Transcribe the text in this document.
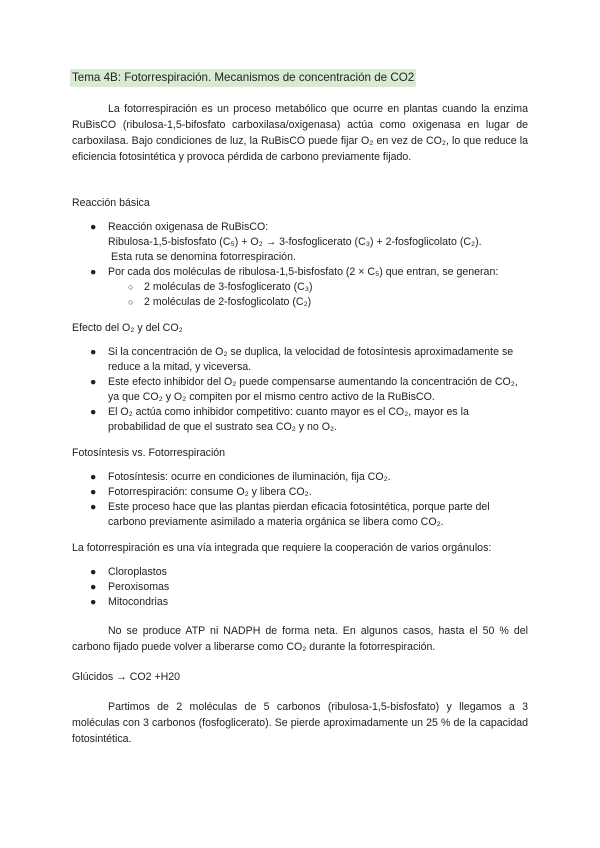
Tema 4B: Fotorrespiración. Mecanismos de concentración de CO2

La fotorrespiración es un proceso metabólico que ocurre en plantas cuando la enzima RuBisCO (ribulosa-1,5-bifosfato carboxilasa/oxigenasa) actúa como oxigenasa en lugar de carboxilasa. Bajo condiciones de luz, la RuBisCO puede fijar O₂ en vez de CO₂, lo que reduce la eficiencia fotosintética y provoca pérdida de carbono previamente fijado.

Reacción básica

● Reacción oxigenasa de RuBisCO:
Ribulosa-1,5-bisfosfato (C₅) + O₂ → 3-fosfoglicerato (C₃) + 2-fosfoglicolato (C₂).
Esta ruta se denomina fotorrespiración.
● Por cada dos moléculas de ribulosa-1,5-bisfosfato (2 × C₅) que entran, se generan:
○ 2 moléculas de 3-fosfoglicerato (C₃)
○ 2 moléculas de 2-fosfoglicolato (C₂)

Efecto del O₂ y del CO₂

● Si la concentración de O₂ se duplica, la velocidad de fotosíntesis aproximadamente se reduce a la mitad, y viceversa.
● Este efecto inhibidor del O₂ puede compensarse aumentando la concentración de CO₂, ya que CO₂ y O₂ compiten por el mismo centro activo de la RuBisCO.
● El O₂ actúa como inhibidor competitivo: cuanto mayor es el CO₂, mayor es la probabilidad de que el sustrato sea CO₂ y no O₂.

Fotosíntesis vs. Fotorrespiración

● Fotosíntesis: ocurre en condiciones de iluminación, fija CO₂.
● Fotorrespiración: consume O₂ y libera CO₂.
● Este proceso hace que las plantas pierdan eficacia fotosintética, porque parte del carbono previamente asimilado a materia orgánica se libera como CO₂.

La fotorrespiración es una vía integrada que requiere la cooperación de varios orgánulos:

● Cloroplastos
● Peroxisomas
● Mitocondrias

No se produce ATP ni NADPH de forma neta. En algunos casos, hasta el 50 % del carbono fijado puede volver a liberarse como CO₂ durante la fotorrespiración.

Glúcidos → CO2 +H20

Partimos de 2 moléculas de 5 carbonos (ribulosa-1,5-bisfosfato) y llegamos a 3 moléculas con 3 carbonos (fosfoglicerato). Se pierde aproximadamente un 25 % de la capacidad fotosintética.
